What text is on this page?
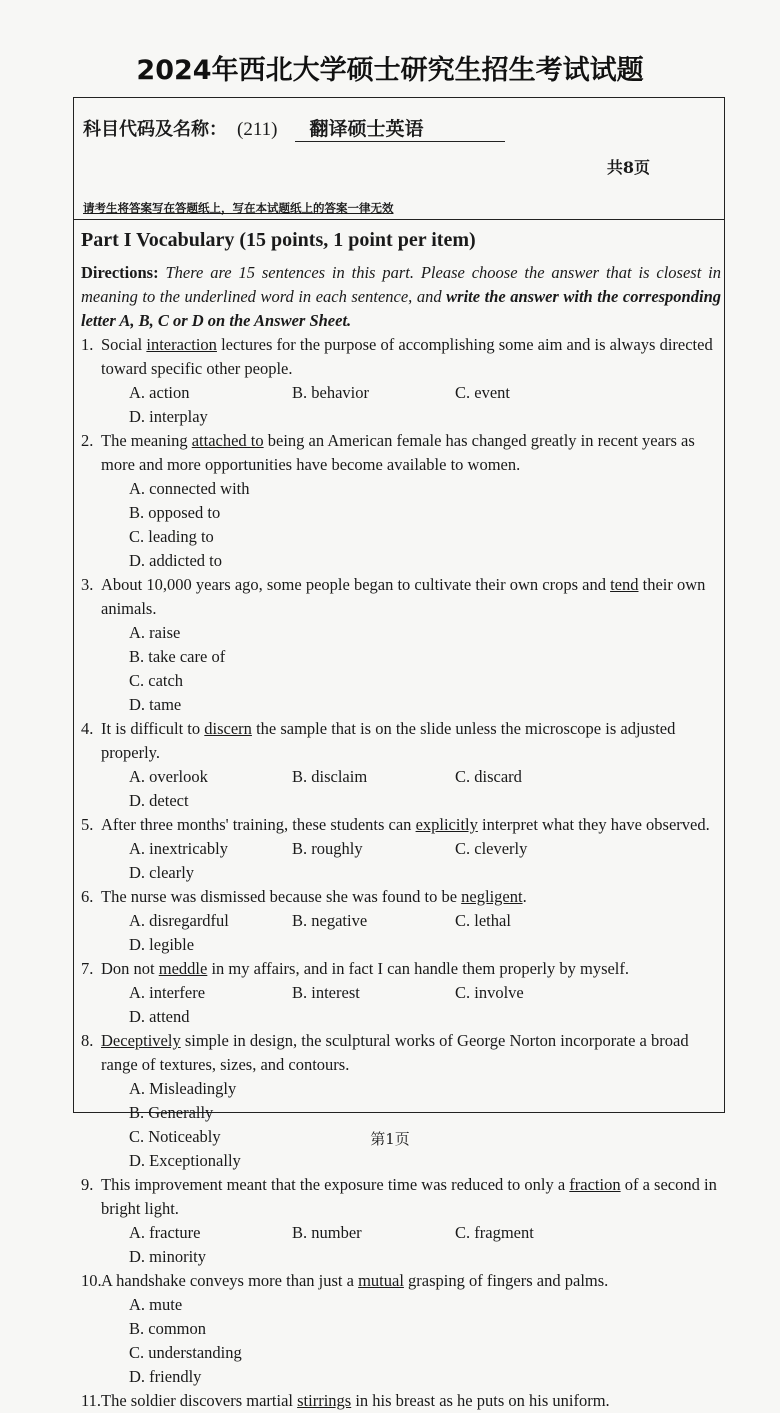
2024年西北大学硕士研究生招生考试试题
科目代码及名称： (211) 翻译硕士英语
共8页
请考生将答案写在答题纸上，写在本试题纸上的答案一律无效
Part I Vocabulary (15 points, 1 point per item)

Directions: There are 15 sentences in this part. Please choose the answer that is closest in meaning to the underlined word in each sentence, and write the answer with the corresponding letter A, B, C or D on the Answer Sheet.

1. Social interaction lectures for the purpose of accomplishing some aim and is always directed toward specific other people.
A. action	B. behavior	C. event
D. interplay
2. The meaning attached to being an American female has changed greatly in recent years as more and more opportunities have become available to women.
A. connected with
B. opposed to
C. leading to
D. addicted to
3. About 10,000 years ago, some people began to cultivate their own crops and tend their own animals.
A. raise
B. take care of
C. catch
D. tame
4. It is difficult to discern the sample that is on the slide unless the microscope is adjusted properly.
A. overlook	B. disclaim	C. discard
D. detect
5. After three months' training, these students can explicitly interpret what they have observed.
A. inextricably	B. roughly	C. cleverly
D. clearly
6. The nurse was dismissed because she was found to be negligent.
A. disregardful	B. negative	C. lethal
D. legible
7. Don not meddle in my affairs, and in fact I can handle them properly by myself.
A. interfere	B. interest	C. involve
D. attend
8. Deceptively simple in design, the sculptural works of George Norton incorporate a broad range of textures, sizes, and contours.
A. Misleadingly
B. Generally
C. Noticeably
D. Exceptionally
9. This improvement meant that the exposure time was reduced to only a fraction of a second in bright light.
A. fracture	B. number	C. fragment
D. minority
10.A handshake conveys more than just a mutual grasping of fingers and palms.
A. mute
B. common
C. understanding
D. friendly
11.The soldier discovers martial stirrings in his breast as he puts on his uniform.
第1页
